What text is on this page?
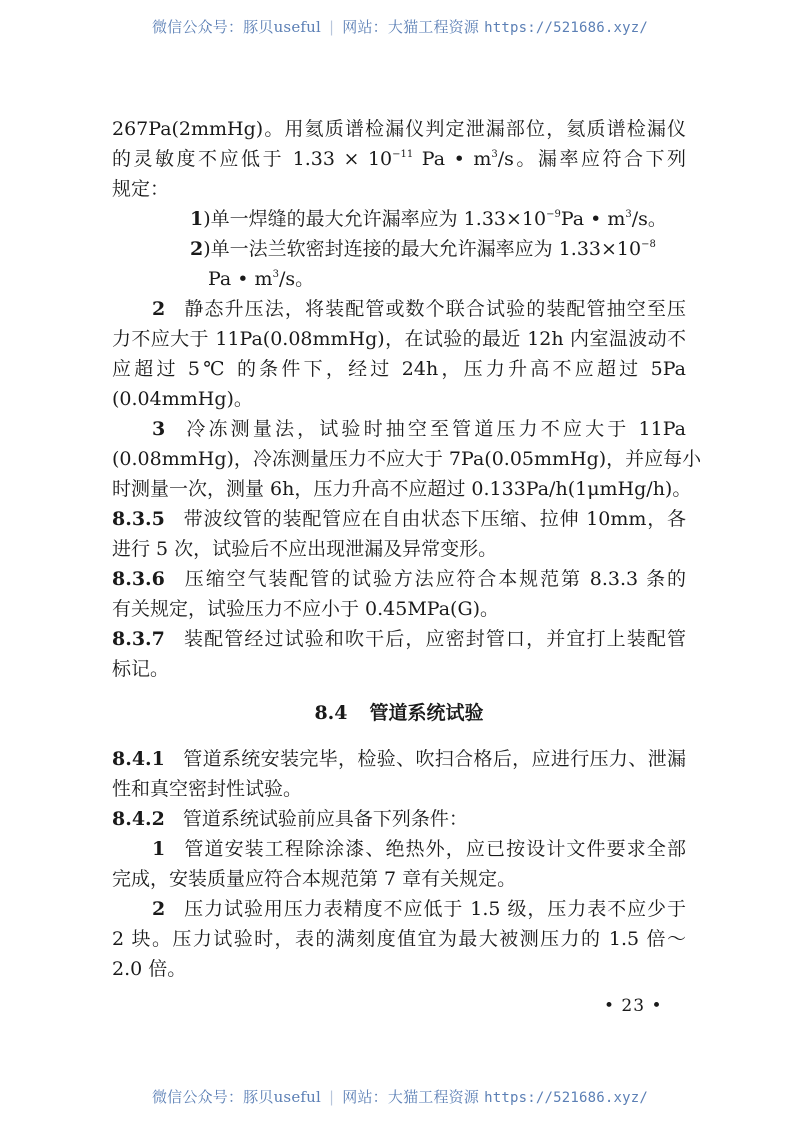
微信公众号：豚贝useful | 网站：大猫工程资源 https://521686.xyz/
267Pa(2mmHg)。用氦质谱检漏仪判定泄漏部位，氦质谱检漏仪
的灵敏度不应低于 $1.33 \times 10^{-11}$ Pa • $m^3/s$。漏率应符合下列
规定：
1)单一焊缝的最大允许漏率应为 $1.33\times 10^{-9}Pa$ • $m^3/s$。
2)单一法兰软密封连接的最大允许漏率应为 $1.33\times 10^{-8}$
Pa • $m^3/s$。
2 静态升压法，将装配管或数个联合试验的装配管抽空至压
力不应大于 11Pa(0.08mmHg)，在试验的最近 12h 内室温波动不
应超过 5℃ 的条件下，经过 24h，压力升高不应超过 5Pa
(0.04mmHg)。
3 冷冻测量法，试验时抽空至管道压力不应大于 11Pa
(0.08mmHg)，冷冻测量压力不应大于 7Pa(0.05mmHg)，并应每小
时测量一次，测量 6h，压力升高不应超过 0.133Pa/h(1μmHg/h)。
8.3.5 带波纹管的装配管应在自由状态下压缩、拉伸 10mm，各
进行 5 次，试验后不应出现泄漏及异常变形。
8.3.6 压缩空气装配管的试验方法应符合本规范第 8.3.3 条的
有关规定，试验压力不应小于 0.45MPa(G)。
8.3.7 装配管经过试验和吹干后，应密封管口，并宜打上装配管
标记。
8.4 管道系统试验
8.4.1 管道系统安装完毕，检验、吹扫合格后，应进行压力、泄漏
性和真空密封性试验。
8.4.2 管道系统试验前应具备下列条件：
1 管道安装工程除涂漆、绝热外，应已按设计文件要求全部
完成，安装质量应符合本规范第 7 章有关规定。
2 压力试验用压力表精度不应低于 1.5 级，压力表不应少于
2 块。压力试验时，表的满刻度值宜为最大被测压力的 1.5 倍～
2.0 倍。
• 23 •
微信公众号：豚贝useful | 网站：大猫工程资源 https://521686.xyz/
